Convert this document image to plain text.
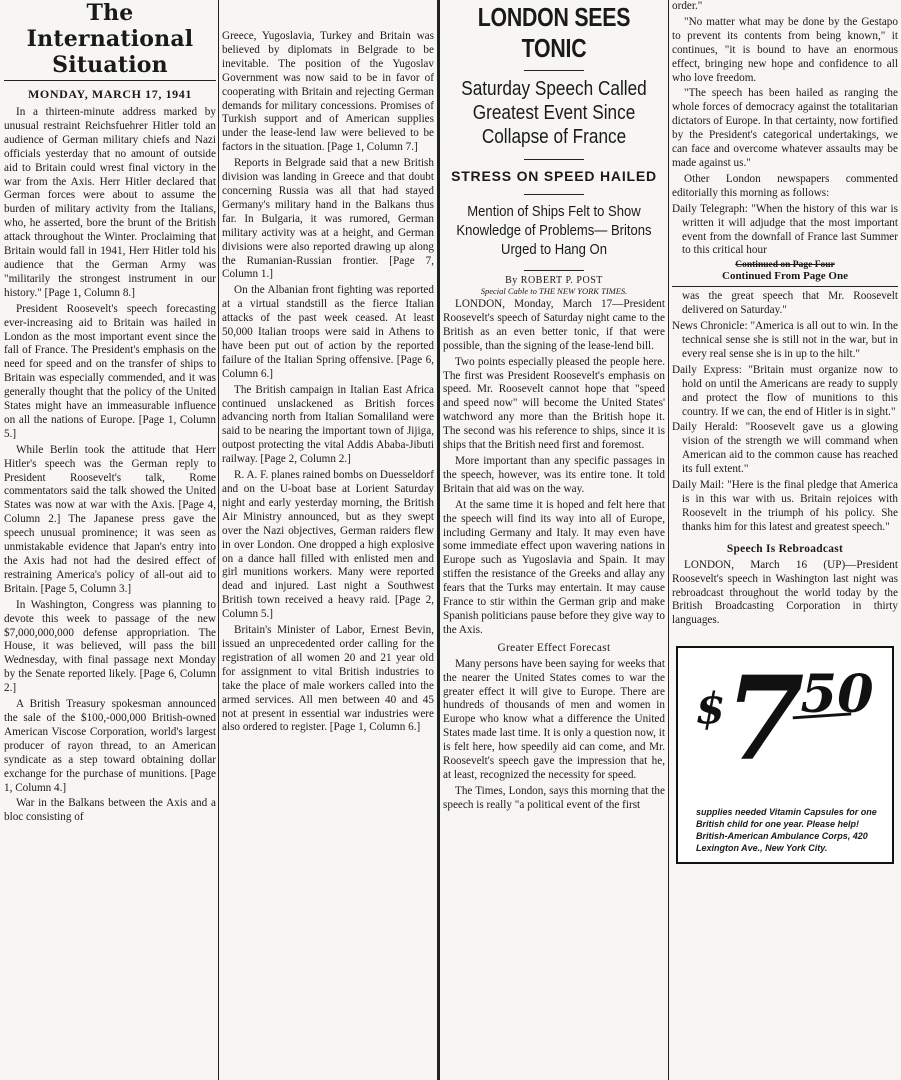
The International Situation
MONDAY, MARCH 17, 1941

In a thirteen-minute address marked by unusual restraint Reichsfuehrer Hitler told an audience of German military chiefs and Nazi officials yesterday that no amount of outside aid to Britain could wrest final victory in the war from the Axis. Herr Hitler declared that German forces were about to assume the burden of military activity from the Italians, who, he asserted, bore the brunt of the British attack throughout the Winter. Proclaiming that Britain would fall in 1941, Herr Hitler told his audience that the German Army was "militarily the strongest instrument in our history." [Page 1, Column 8.]

President Roosevelt's speech forecasting ever-increasing aid to Britain was hailed in London as the most important event since the fall of France. The President's emphasis on the need for speed and on the transfer of ships to Britain was especially commended, and it was generally thought that the policy of the United States might have an immeasurable influence on all the nations of Europe. [Page 1, Column 5.]

While Berlin took the attitude that Herr Hitler's speech was the German reply to President Roosevelt's talk, Rome commentators said the talk showed the United States was now at war with the Axis. [Page 4, Column 2.] The Japanese press gave the speech unusual prominence; it was seen as unmistakable evidence that Japan's entry into the Axis had not had the desired effect of restraining America's policy of all-out aid to Britain. [Page 5, Column 3.]

In Washington, Congress was planning to devote this week to passage of the new $7,000,000,000 defense appropriation. The House, it was believed, will pass the bill Wednesday, with final passage next Monday by the Senate reported likely. [Page 6, Column 2.]

A British Treasury spokesman announced the sale of the $100,-000,000 British-owned American Viscose Corporation, world's largest producer of rayon thread, to an American syndicate as a step toward obtaining dollar exchange for the purchase of munitions. [Page 1, Column 4.]

War in the Balkans between the Axis and a bloc consisting of

Greece, Yugoslavia, Turkey and Britain was believed by diplomats in Belgrade to be inevitable. The position of the Yugoslav Government was now said to be in favor of cooperating with Britain and rejecting German demands for military concessions. Promises of Turkish support and of American supplies under the lease-lend law were believed to be factors in the situation. [Page 1, Column 7.]

Reports in Belgrade said that a new British division was landing in Greece and that doubt concerning Russia was all that had stayed Germany's military hand in the Balkans thus far. In Bulgaria, it was rumored, German military activity was at a height, and German divisions were also reported drawing up along the Rumanian-Russian frontier. [Page 7, Column 1.]

On the Albanian front fighting was reported at a virtual standstill as the fierce Italian attacks of the past week ceased. At least 50,000 Italian troops were said in Athens to have been put out of action by the reported failure of the Italian Spring offensive. [Page 6, Column 6.]

The British campaign in Italian East Africa continued unslackened as British forces advancing north from Italian Somaliland were said to be nearing the important town of Jijiga, outpost protecting the vital Addis Ababa-Jibuti railway. [Page 2, Column 2.]

R. A. F. planes rained bombs on Duesseldorf and on the U-boat base at Lorient Saturday night and early yesterday morning, the British Air Ministry announced, but as they swept over the Nazi objectives, German raiders flew in over London. One dropped a high explosive on a dance hall filled with enlisted men and girl munitions workers. Many were reported dead and injured. Last night a Southwest British town received a heavy raid. [Page 2, Column 5.]

Britain's Minister of Labor, Ernest Bevin, issued an unprecedented order calling for the registration of all women 20 and 21 year old for assignment to vital British industries to take the place of male workers called into the armed services. All men between 40 and 45 not at present in essential war industries were also ordered to register. [Page 1, Column 6.]

LONDON SEES TONIC
Saturday Speech Called Greatest Event Since Collapse of France
STRESS ON SPEED HAILED
Mention of Ships Felt to Show Knowledge of Problems— Britons Urged to Hang On
By ROBERT P. POST
Special Cable to THE NEW YORK TIMES.

LONDON, Monday, March 17—President Roosevelt's speech of Saturday night came to the British as an even better tonic, if that were possible, than the signing of the lease-lend bill.

Two points especially pleased the people here. The first was President Roosevelt's emphasis on speed. Mr. Roosevelt cannot hope that "speed and speed now" will become the United States' watchword any more than the British hope it. The second was his reference to ships, since it is ships that the British need first and foremost.

More important than any specific passages in the speech, however, was its entire tone. It told Britain that aid was on the way.

At the same time it is hoped and felt here that the speech will find its way into all of Europe, including Germany and Italy. It may even have some immediate effect upon wavering nations in Europe such as Yugoslavia and Spain. It may stiffen the resistance of the Greeks and allay any fears that the Turks may entertain. It may cause France to stir within the German grip and make Spanish politicians pause before they give way to the Axis.

Greater Effect Forecast

Many persons have been saying for weeks that the nearer the United States comes to war the greater effect it will give to Europe. There are hundreds of thousands of men and women in Europe who know what a difference the United States made last time. It is only a question now, it is felt here, how speedily aid can come, and Mr. Roosevelt's speech gave the impression that he, at least, recognized the necessity for speed.

The Times, London, says this morning that the speech is really "a political event of the first

order."

"No matter what may be done by the Gestapo to prevent its contents from being known," it continues, "it is bound to have an enormous effect, bringing new hope and confidence to all who love freedom.

"The speech has been hailed as ranging the whole forces of democracy against the totalitarian dictators of Europe. In that certainty, now fortified by the President's categorical undertakings, we can face and overcome whatever assaults may be made against us."

Other London newspapers commented editorially this morning as follows:

Daily Telegraph: "When the history of this war is written it will adjudge that the most important event from the downfall of France last Summer to this critical hour

Continued on Page Four
Continued From Page One

was the great speech that Mr. Roosevelt delivered on Saturday."

News Chronicle: "America is all out to win. In the technical sense she is still not in the war, but in every real sense she is in up to the hilt."

Daily Express: "Britain must organize now to hold on until the Americans are ready to supply and protect the flow of munitions to this country. If we can, the end of Hitler is in sight."

Daily Herald: "Roosevelt gave us a glowing vision of the strength we will command when American aid to the common cause has reached its full extent."

Daily Mail: "Here is the final pledge that America is in this war with us. Britain rejoices with Roosevelt in the triumph of his policy. She thanks him for this latest and greatest speech."

Speech Is Rebroadcast

LONDON, March 16 (UP)—President Roosevelt's speech in Washington last night was rebroadcast throughout the world today by the British Broadcasting Corporation in thirty languages.

$ 7
50
supplies needed Vitamin Capsules for one British child for one year. Please help! British-American Ambulance Corps, 420 Lexington Ave., New York City.
